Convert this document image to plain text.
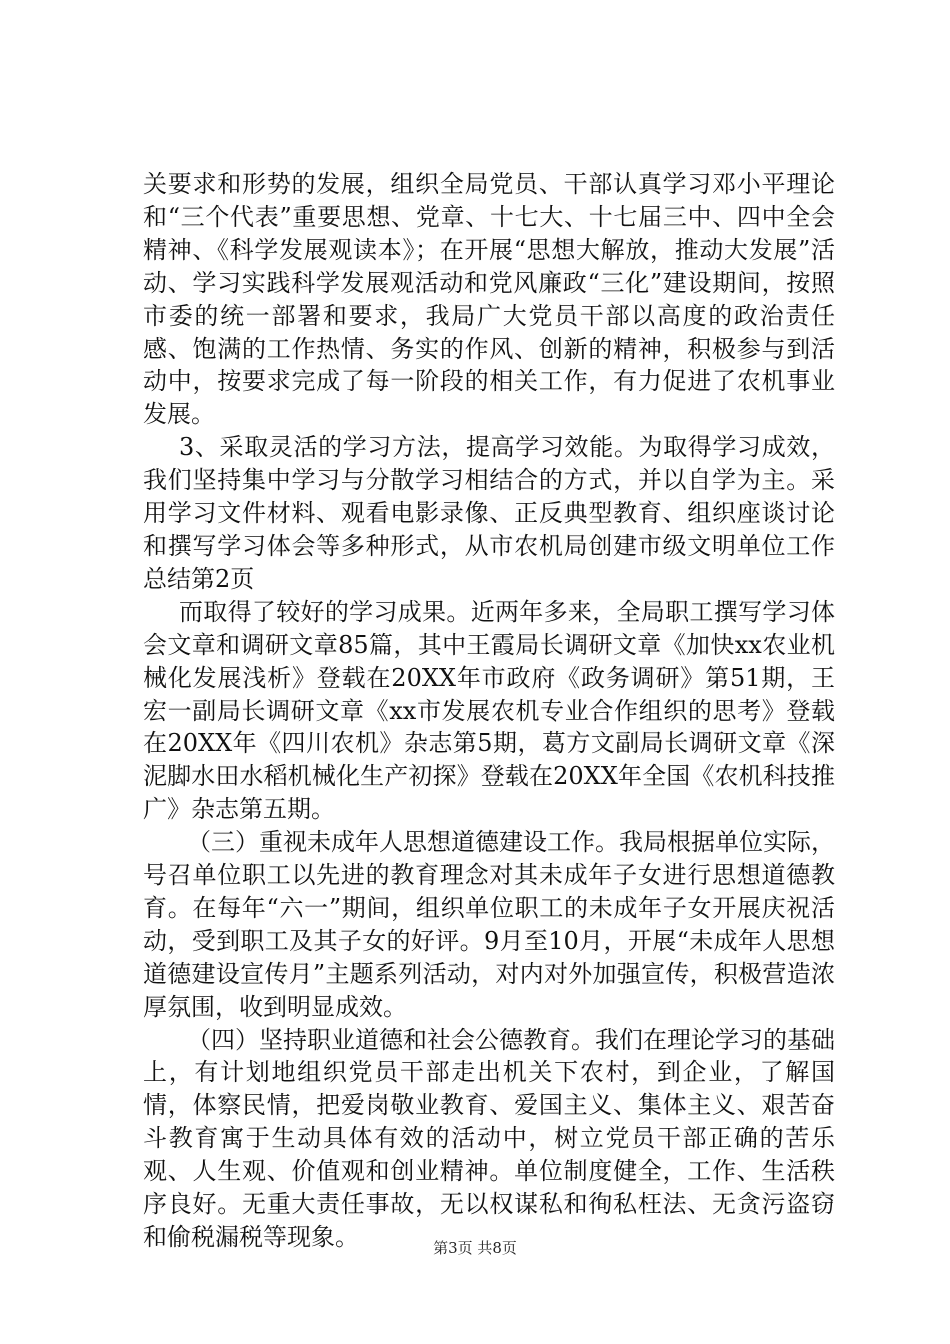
关要求和形势的发展，组织全局党员、干部认真学习邓小平理论和“三个代表”重要思想、党章、十七大、十七届三中、四中全会精神、《科学发展观读本》；在开展“思想大解放，推动大发展”活动、学习实践科学发展观活动和党风廉政“三化”建设期间，按照市委的统一部署和要求，我局广大党员干部以高度的政治责任感、饱满的工作热情、务实的作风、创新的精神，积极参与到活动中，按要求完成了每一阶段的相关工作，有力促进了农机事业发展。

3、采取灵活的学习方法，提高学习效能。为取得学习成效，我们坚持集中学习与分散学习相结合的方式，并以自学为主。采用学习文件材料、观看电影录像、正反典型教育、组织座谈讨论和撰写学习体会等多种形式，从市农机局创建市级文明单位工作总结第2页

而取得了较好的学习成果。近两年多来，全局职工撰写学习体会文章和调研文章85篇，其中王霞局长调研文章《加快xx农业机械化发展浅析》登载在20XX年市政府《政务调研》第51期，王宏一副局长调研文章《xx市发展农机专业合作组织的思考》登载在20XX年《四川农机》杂志第5期，葛方文副局长调研文章《深泥脚水田水稻机械化生产初探》登载在20XX年全国《农机科技推广》杂志第五期。

（三）重视未成年人思想道德建设工作。我局根据单位实际，号召单位职工以先进的教育理念对其未成年子女进行思想道德教育。在每年“六一”期间，组织单位职工的未成年子女开展庆祝活动，受到职工及其子女的好评。9月至10月，开展“未成年人思想道德建设宣传月”主题系列活动，对内对外加强宣传，积极营造浓厚氛围，收到明显成效。

（四）坚持职业道德和社会公德教育。我们在理论学习的基础上，有计划地组织党员干部走出机关下农村，到企业，了解国情，体察民情，把爱岗敬业教育、爱国主义、集体主义、艰苦奋斗教育寓于生动具体有效的活动中，树立党员干部正确的苦乐观、人生观、价值观和创业精神。单位制度健全，工作、生活秩序良好。无重大责任事故，无以权谋私和徇私枉法、无贪污盗窃和偷税漏税等现象。	第3页 共8页
